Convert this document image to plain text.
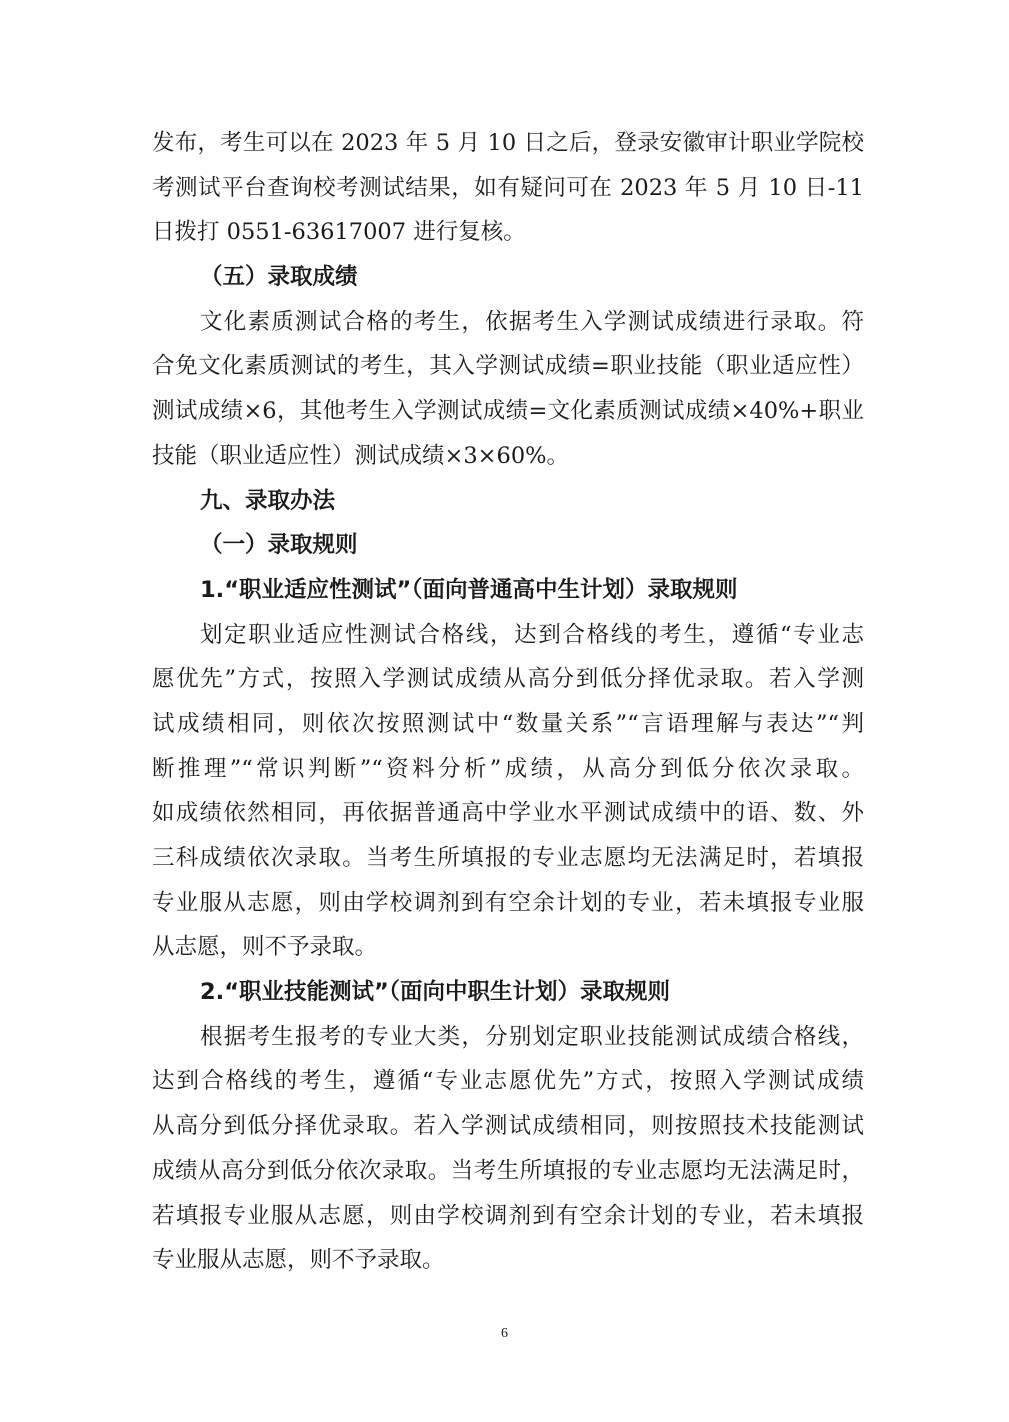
发布，考生可以在 2023 年 5 月 10 日之后，登录安徽审计职业学院校
考测试平台查询校考测试结果，如有疑问可在 2023 年 5 月 10 日-11
日拨打 0551-63617007 进行复核。
（五）录取成绩
文化素质测试合格的考生，依据考生入学测试成绩进行录取。符
合免文化素质测试的考生，其入学测试成绩=职业技能（职业适应性）
测试成绩×6，其他考生入学测试成绩=文化素质测试成绩×40%+职业
技能（职业适应性）测试成绩×3×60%。
九、录取办法
（一）录取规则
1.“职业适应性测试”（面向普通高中生计划）录取规则
划定职业适应性测试合格线，达到合格线的考生，遵循“专业志
愿优先”方式，按照入学测试成绩从高分到低分择优录取。若入学测
试成绩相同，则依次按照测试中“数量关系”“言语理解与表达”“判
断推理”“常识判断”“资料分析”成绩，从高分到低分依次录取。
如成绩依然相同，再依据普通高中学业水平测试成绩中的语、数、外
三科成绩依次录取。当考生所填报的专业志愿均无法满足时，若填报
专业服从志愿，则由学校调剂到有空余计划的专业，若未填报专业服
从志愿，则不予录取。
2.“职业技能测试”（面向中职生计划）录取规则
根据考生报考的专业大类，分别划定职业技能测试成绩合格线，
达到合格线的考生，遵循“专业志愿优先”方式，按照入学测试成绩
从高分到低分择优录取。若入学测试成绩相同，则按照技术技能测试
成绩从高分到低分依次录取。当考生所填报的专业志愿均无法满足时，
若填报专业服从志愿，则由学校调剂到有空余计划的专业，若未填报
专业服从志愿，则不予录取。
6
